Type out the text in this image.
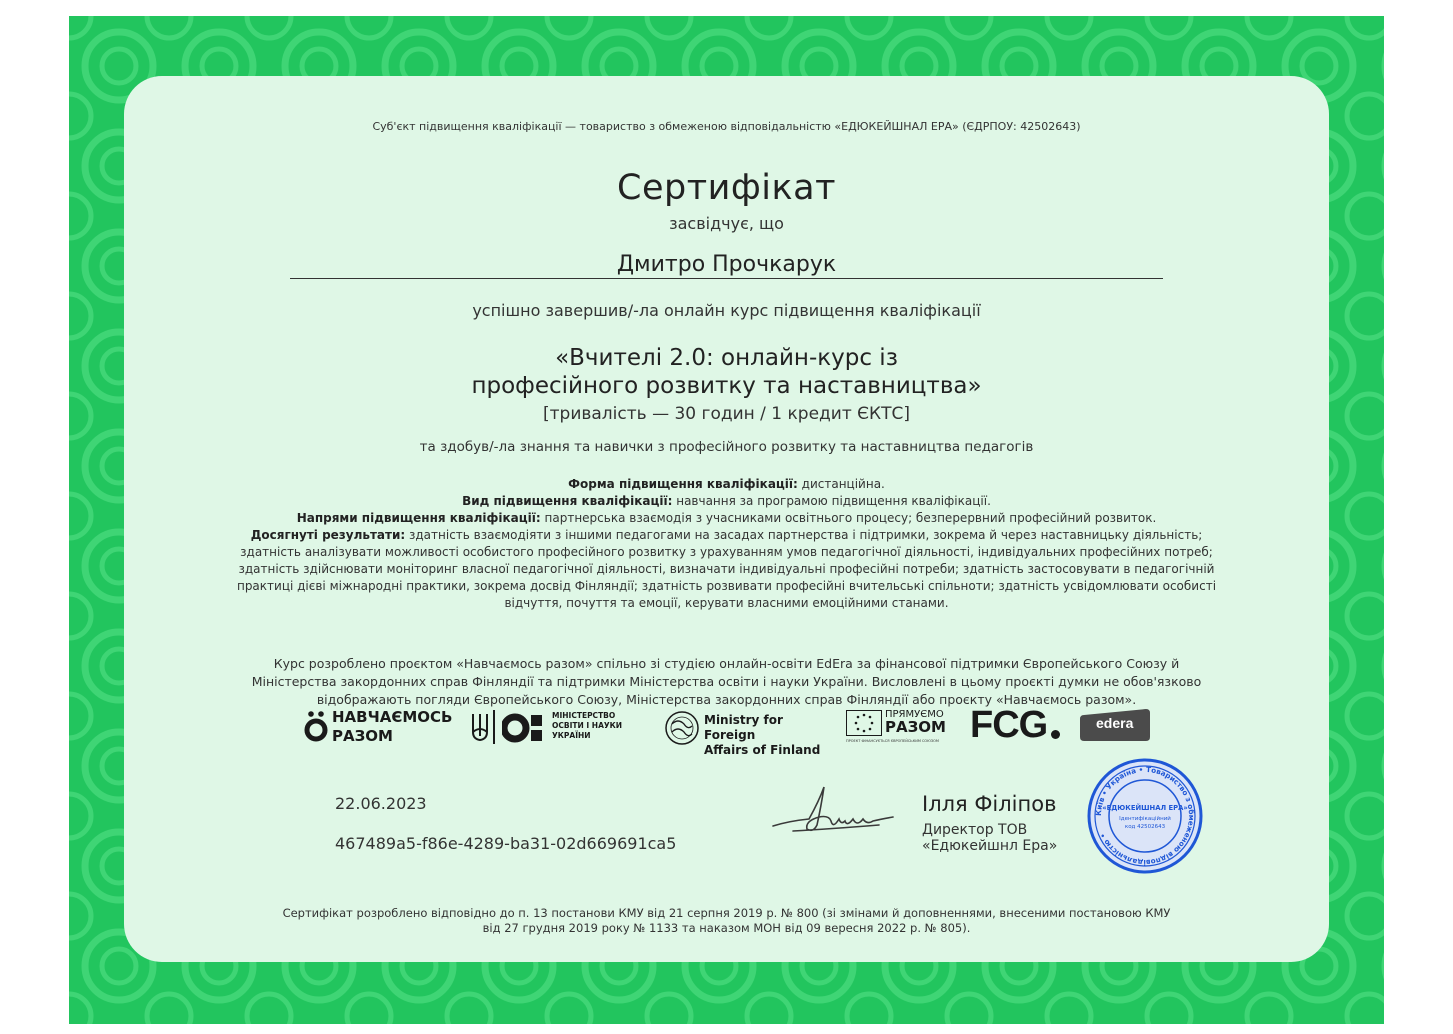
Суб'єкт підвищення кваліфікації — товариство з обмеженою відповідальністю «ЕДЮКЕЙШНАЛ ЕРА» (ЄДРПОУ: 42502643)

Сертифікат

засвідчує, що

Дмитро Прочкарук

успішно завершив/-ла онлайн курс підвищення кваліфікації

«Вчителі 2.0: онлайн-курс із
професійного розвитку та наставництва»

[тривалість — 30 годин / 1 кредит ЄКТС]

та здобув/-ла знання та навички з професійного розвитку та наставництва педагогів

Форма підвищення кваліфікації: дистанційна.
Вид підвищення кваліфікації: навчання за програмою підвищення кваліфікації.
Напрями підвищення кваліфікації: партнерська взаємодія з учасниками освітнього процесу; безперервний професійний розвиток.
Досягнуті результати: здатність взаємодіяти з іншими педагогами на засадах партнерства і підтримки, зокрема й через наставницьку діяльність; здатність аналізувати можливості особистого професійного розвитку з урахуванням умов педагогічної діяльності, індивідуальних професійних потреб; здатність здійснювати моніторинг власної педагогічної діяльності, визначати індивідуальні професійні потреби; здатність застосовувати в педагогічній практиці дієві міжнародні практики, зокрема досвід Фінляндії; здатність розвивати професійні вчительські спільноти; здатність усвідомлювати особисті відчуття, почуття та емоції, керувати власними емоційними станами.

Курс розроблено проєктом «Навчаємось разом» спільно зі студією онлайн-освіти EdEra за фінансової підтримки Європейського Союзу й Міністерства закордонних справ Фінляндії та підтримки Міністерства освіти і науки України. Висловлені в цьому проєкті думки не обов'язково відображають погляди Європейського Союзу, Міністерства закордонних справ Фінляндії або проєкту «Навчаємось разом».

НАВЧАЄМОСЬ
РАЗОМ
МІНІСТЕРСТВО
ОСВІТИ І НАУКИ
УКРАЇНИ
Ministry for Foreign
Affairs of Finland
ПРЯМУЄМО
РАЗОМ
ПРОЕКТ ФІНАНСУЄТЬСЯ ЄВРОПЕЙСЬКИМ СОЮЗОМ FCG	edera
22.06.2023
467489a5-f86e-4289-ba31-02d669691ca5
Ілля Філіпов
Директор ТОВ
«Едюкейшнл Ера»
Київ • Україна • Товариство з обмеженою відповідальністю •
«ЕДЮКЕЙШНАЛ ЕРА»
Ідентифікаційний
код 42502643

Сертифікат розроблено відповідно до п. 13 постанови КМУ від 21 серпня 2019 р. № 800 (зі змінами й доповненнями, внесеними постановою КМУ від 27 грудня 2019 року № 1133 та наказом МОН від 09 вересня 2022 р. № 805).
